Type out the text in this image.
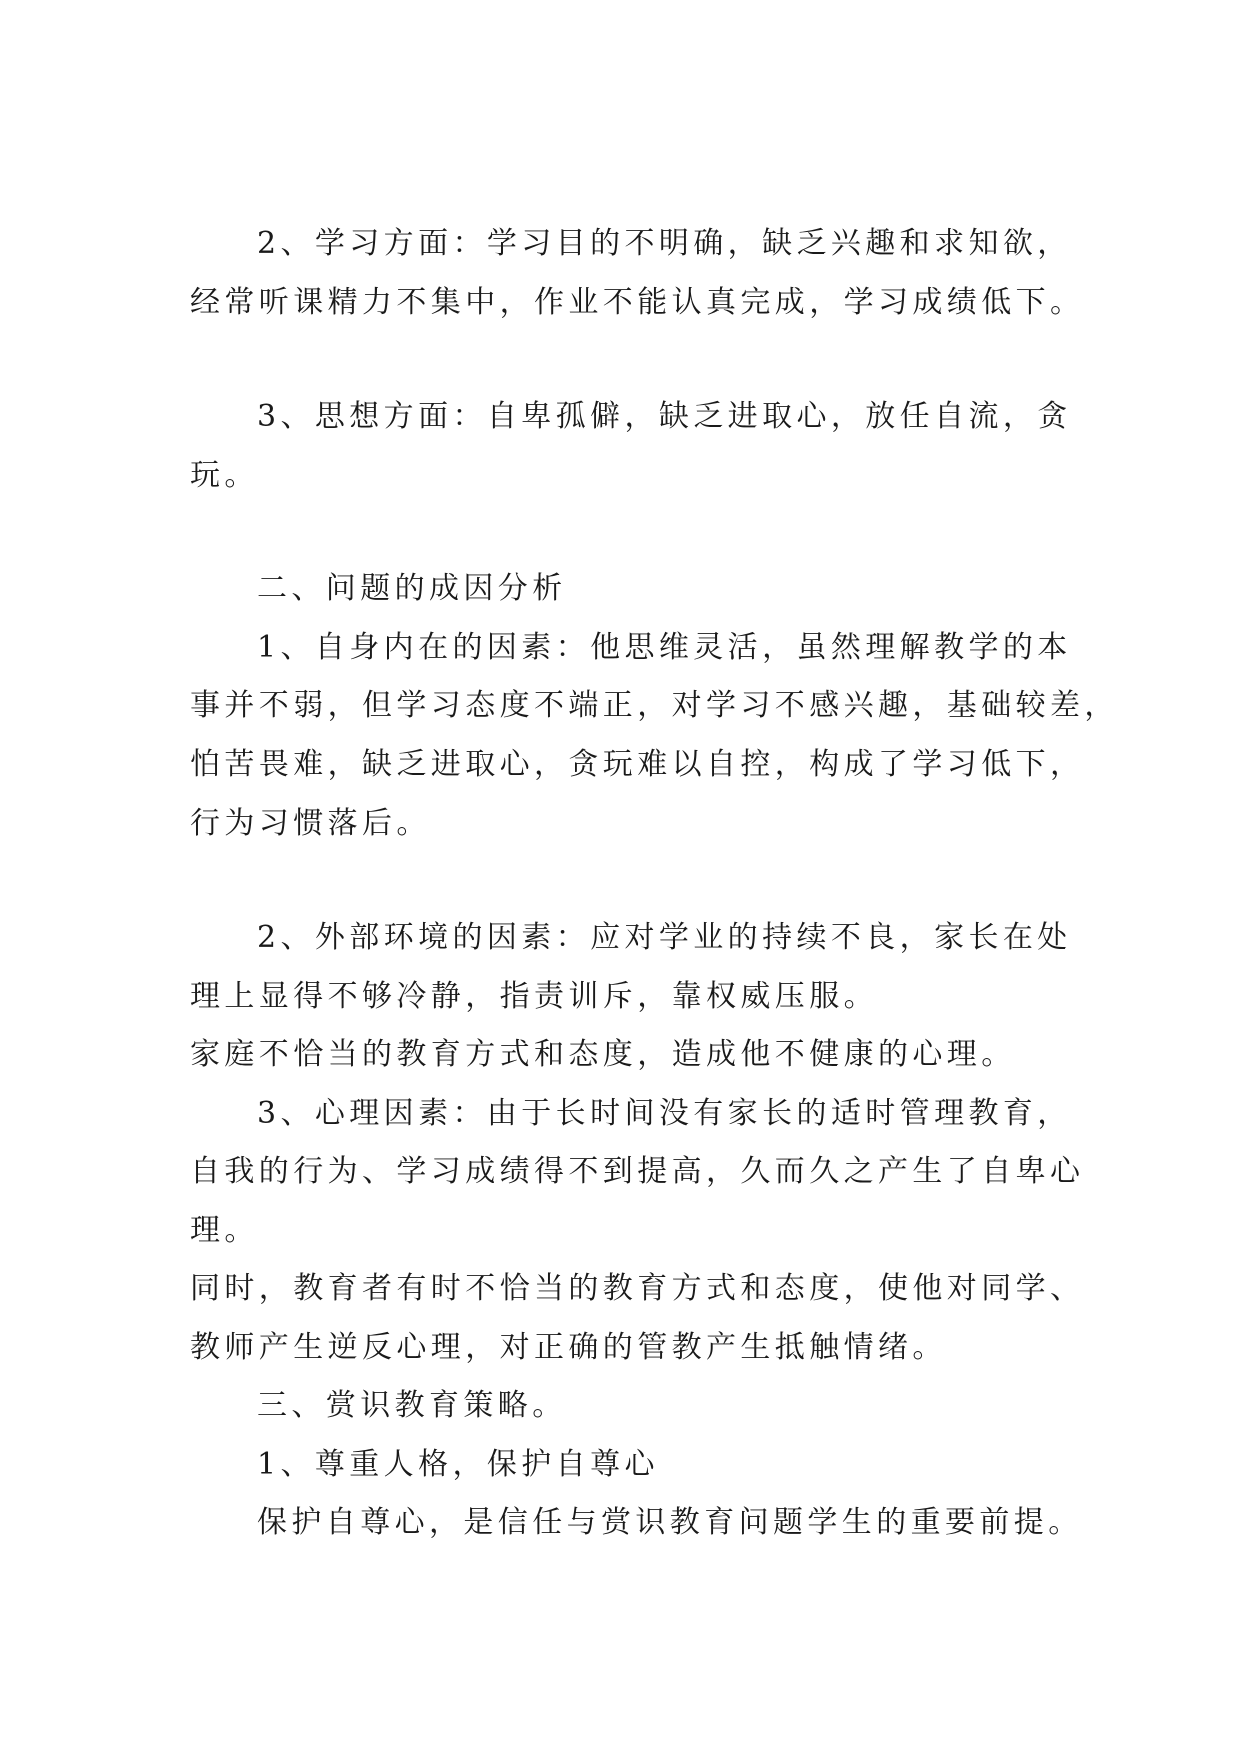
2、学习方面：学习目的不明确，缺乏兴趣和求知欲，
经常听课精力不集中，作业不能认真完成，学习成绩低下。
3、思想方面：自卑孤僻，缺乏进取心，放任自流，贪
玩。
二、问题的成因分析
1、自身内在的因素：他思维灵活，虽然理解教学的本
事并不弱，但学习态度不端正，对学习不感兴趣，基础较差，
怕苦畏难，缺乏进取心，贪玩难以自控，构成了学习低下，
行为习惯落后。
2、外部环境的因素：应对学业的持续不良，家长在处
理上显得不够冷静，指责训斥，靠权威压服。
家庭不恰当的教育方式和态度，造成他不健康的心理。
3、心理因素：由于长时间没有家长的适时管理教育，
自我的行为、学习成绩得不到提高，久而久之产生了自卑心
理。
同时，教育者有时不恰当的教育方式和态度，使他对同学、
教师产生逆反心理，对正确的管教产生抵触情绪。
三、赏识教育策略。
1、尊重人格，保护自尊心
保护自尊心，是信任与赏识教育问题学生的重要前提。
